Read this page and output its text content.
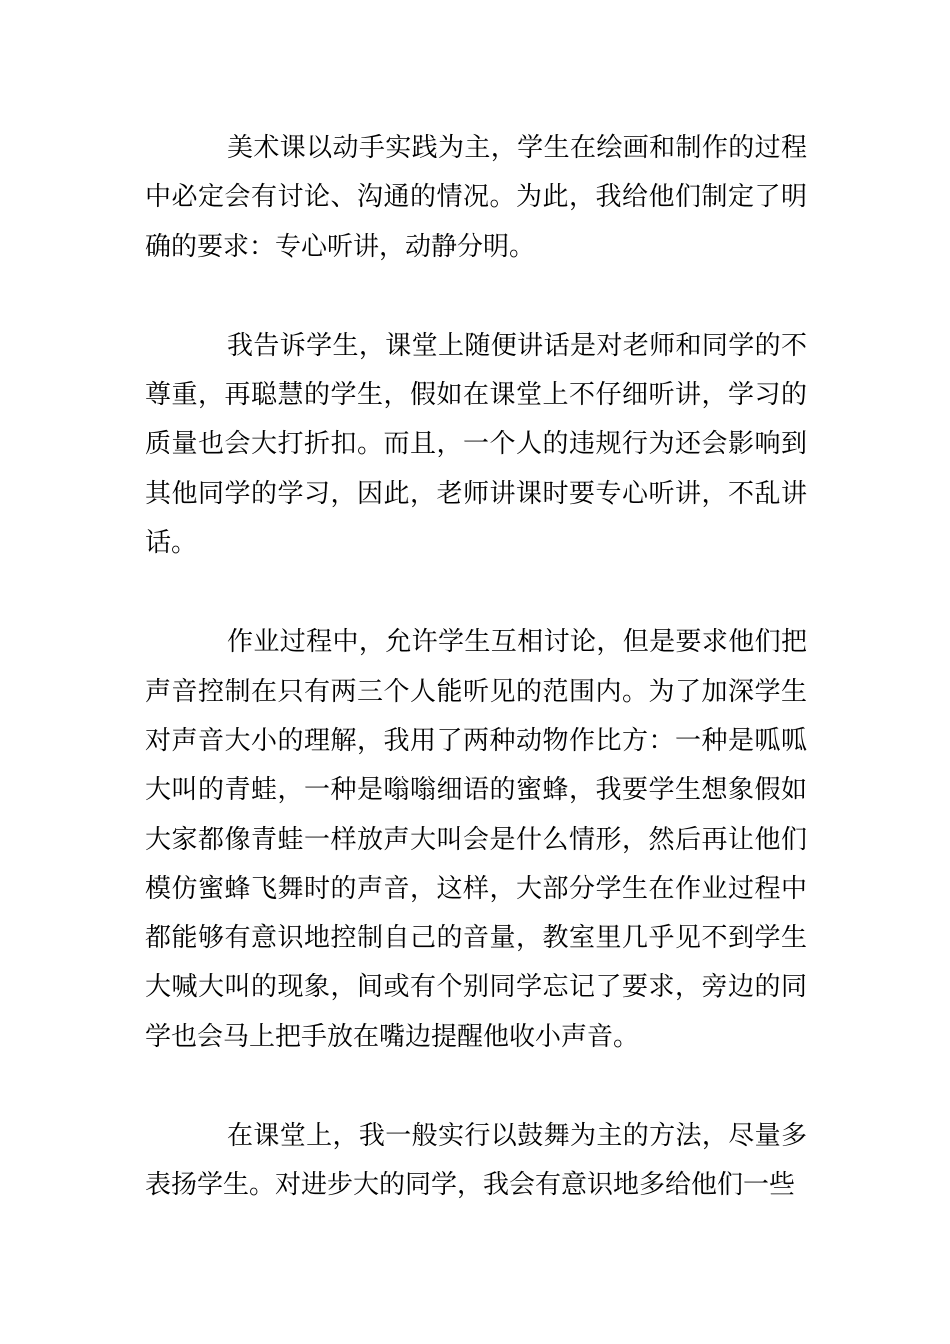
美术课以动手实践为主，学生在绘画和制作的过程中必定会有讨论、沟通的情况。为此，我给他们制定了明确的要求：专心听讲，动静分明。

我告诉学生，课堂上随便讲话是对老师和同学的不尊重，再聪慧的学生，假如在课堂上不仔细听讲，学习的质量也会大打折扣。而且，一个人的违规行为还会影响到其他同学的学习，因此，老师讲课时要专心听讲，不乱讲话。

作业过程中，允许学生互相讨论，但是要求他们把声音控制在只有两三个人能听见的范围内。为了加深学生对声音大小的理解，我用了两种动物作比方：一种是呱呱大叫的青蛙，一种是嗡嗡细语的蜜蜂，我要学生想象假如大家都像青蛙一样放声大叫会是什么情形，然后再让他们模仿蜜蜂飞舞时的声音，这样，大部分学生在作业过程中都能够有意识地控制自己的音量，教室里几乎见不到学生大喊大叫的现象，间或有个别同学忘记了要求，旁边的同学也会马上把手放在嘴边提醒他收小声音。

在课堂上，我一般实行以鼓舞为主的方法，尽量多表扬学生。对进步大的同学，我会有意识地多给他们一些
